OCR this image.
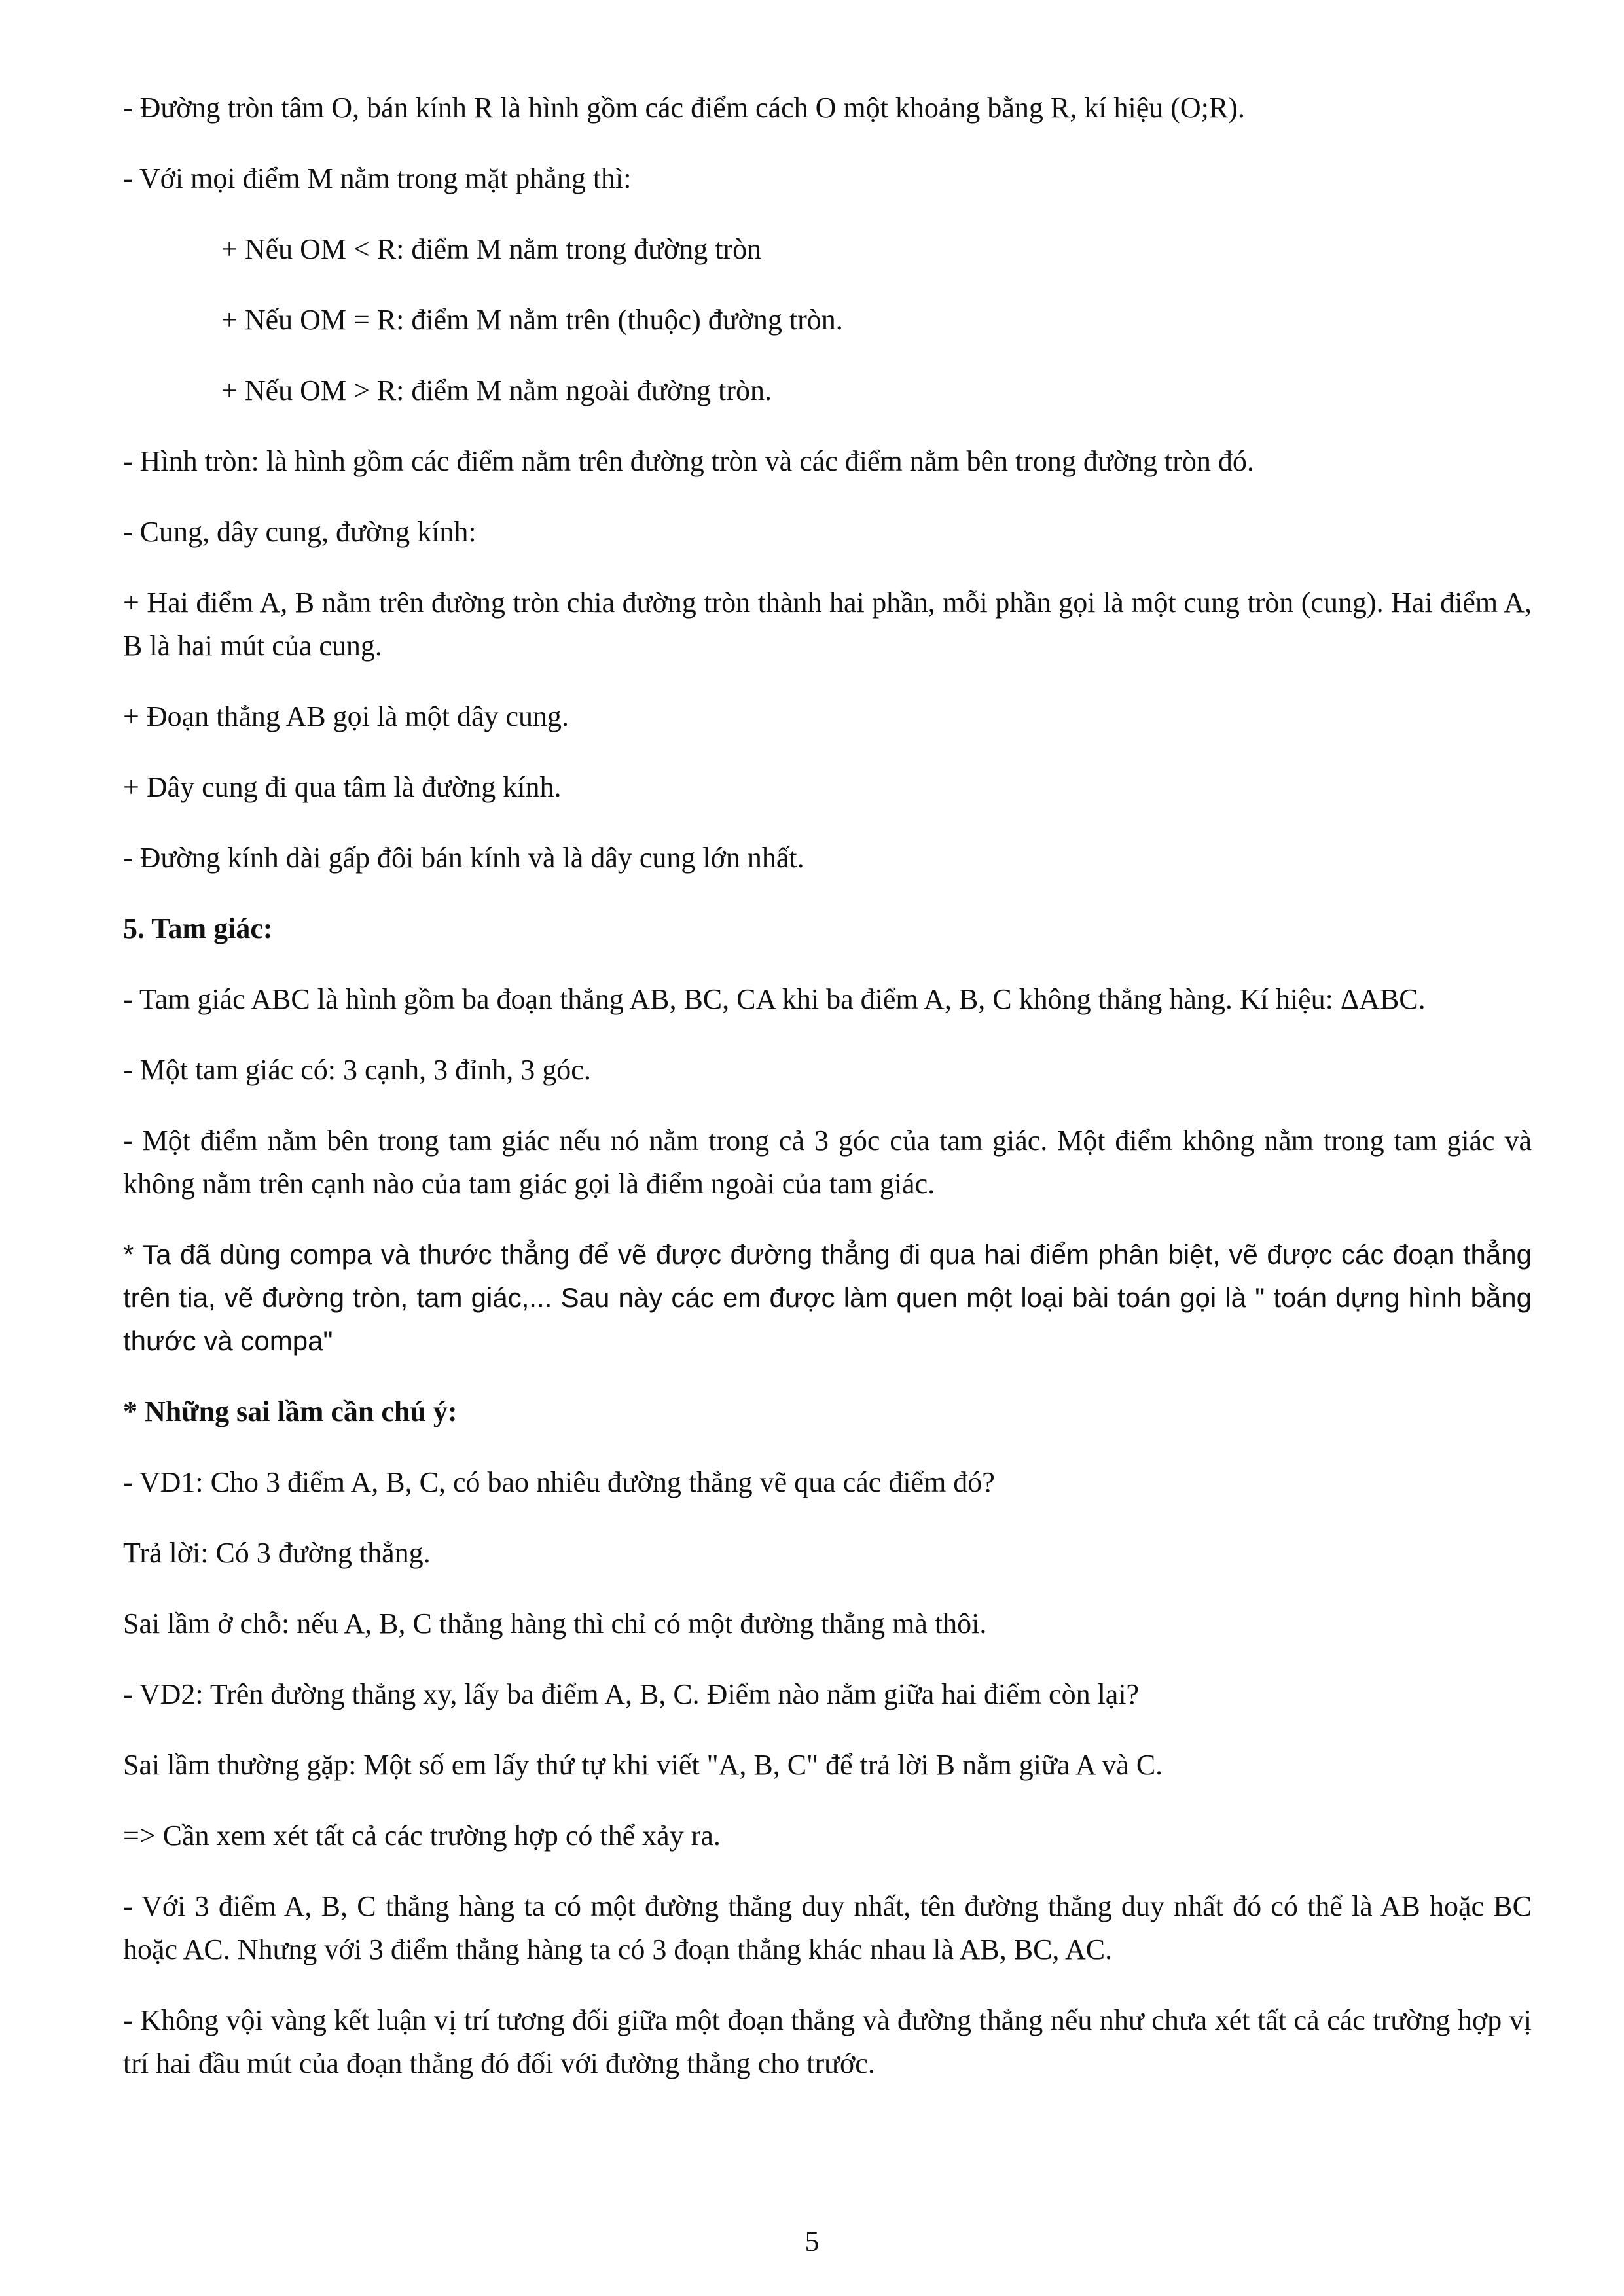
- Đường tròn tâm O, bán kính R là hình gồm các điểm cách O một khoảng bằng R, kí hiệu (O;R).

- Với mọi điểm M nằm trong mặt phẳng thì:

+ Nếu OM < R: điểm M nằm trong đường tròn

+ Nếu OM = R: điểm M nằm trên (thuộc) đường tròn.

+ Nếu OM > R: điểm M nằm ngoài đường tròn.

- Hình tròn: là hình gồm các điểm nằm trên đường tròn và các điểm nằm bên trong đường tròn đó.

- Cung, dây cung, đường kính:

+ Hai điểm A, B nằm trên đường tròn chia đường tròn thành hai phần, mỗi phần gọi là một cung tròn (cung). Hai điểm A, B là hai mút của cung.

+ Đoạn thẳng AB gọi là một dây cung.

+ Dây cung đi qua tâm là đường kính.

- Đường kính dài gấp đôi bán kính và là dây cung lớn nhất.

5. Tam giác:

- Tam giác ABC là hình gồm ba đoạn thẳng AB, BC, CA khi ba điểm A, B, C không thẳng hàng. Kí hiệu: ΔABC.

- Một tam giác có: 3 cạnh, 3 đỉnh, 3 góc.

- Một điểm nằm bên trong tam giác nếu nó nằm trong cả 3 góc của tam giác. Một điểm không nằm trong tam giác và không nằm trên cạnh nào của tam giác gọi là điểm ngoài của tam giác.

* Ta đã dùng compa và thước thẳng để vẽ được đường thẳng đi qua hai điểm phân biệt, vẽ được các đoạn thẳng trên tia, vẽ đường tròn, tam giác,... Sau này các em được làm quen một loại bài toán gọi là " toán dựng hình bằng thước và compa"

* Những sai lầm cần chú ý:

- VD1: Cho 3 điểm A, B, C, có bao nhiêu đường thẳng vẽ qua các điểm đó?

Trả lời: Có 3 đường thẳng.

Sai lầm ở chỗ: nếu A, B, C thẳng hàng thì chỉ có một đường thẳng mà thôi.

- VD2: Trên đường thẳng xy, lấy ba điểm A, B, C. Điểm nào nằm giữa hai điểm còn lại?

Sai lầm thường gặp: Một số em lấy thứ tự khi viết "A, B, C" để trả lời B nằm giữa A và C.

=> Cần xem xét tất cả các trường hợp có thể xảy ra.

- Với 3 điểm A, B, C thẳng hàng ta có một đường thẳng duy nhất, tên đường thẳng duy nhất đó có thể là AB hoặc BC hoặc AC. Nhưng với 3 điểm thẳng hàng ta có 3 đoạn thẳng khác nhau là AB, BC, AC.

- Không vội vàng kết luận vị trí tương đối giữa một đoạn thẳng và đường thẳng nếu như chưa xét tất cả các trường hợp vị trí hai đầu mút của đoạn thẳng đó đối với đường thẳng cho trước.

5
